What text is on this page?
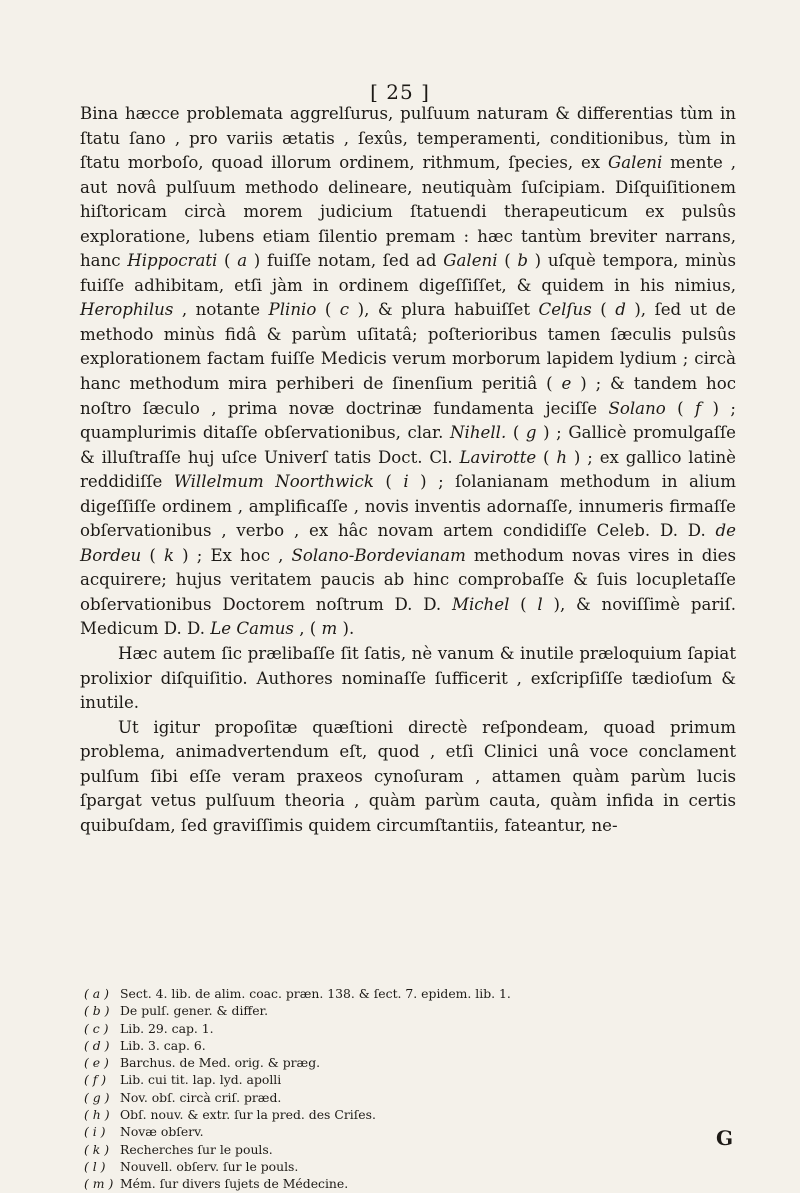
[ 25 ]

Bina hæcce problemata aggrelſurus, pulſuum naturam & differentias tùm in ſtatu ſano , pro variis ætatis , ſexûs, temperamenti, conditionibus, tùm in ſtatu morboſo, quoad illorum ordinem, rithmum, ſpecies, ex Galeni mente , aut novâ pulſuum methodo delineare, neutiquàm ſuſcipiam. Diſquiſitionem hiſtoricam circà morem judicium ſtatuendi therapeuticum ex pulsûs exploratione, lubens etiam ſilentio premam : hæc tantùm breviter narrans, hanc Hippocrati ( a ) fuiſſe notam, ſed ad Galeni ( b ) uſquè tempora, minùs fuiſſe adhibitam, etſi jàm in ordinem digeſſiſſet, & quidem in his nimius, Herophilus , notante Plinio ( c ), & plura habuiſſet Celſus ( d ), ſed ut de methodo minùs fidâ & parùm uſitatâ; poſterioribus tamen ſæculis pulsûs explorationem factam fuiſſe Medicis verum morborum lapidem lydium ; circà hanc methodum mira perhiberi de ſinenſium peritiâ ( e ) ; & tandem hoc noſtro ſæculo , prima novæ doctrinæ fundamenta jeciſſe Solano ( f ) ; quamplurimis ditaſſe obſervationibus, clar. Nihell. ( g ) ; Gallicè promulgaſſe & illuſtraſſe huj uſce Univerſ tatis Doct. Cl. Lavirotte ( h ) ; ex gallico latinè reddidiſſe Willelmum Noorthwick ( i ) ; ſolanianam methodum in alium digeſſiſſe ordinem , amplificaſſe , novis inventis adornaſſe, innumeris firmaſſe obſervationibus , verbo , ex hâc novam artem condidiſſe Celeb. D. D. de Bordeu ( k ) ; Ex hoc , Solano-Bordevianam methodum novas vires in dies acquirere; hujus veritatem paucis ab hinc comprobaſſe & ſuis locupletaſſe obſervationibus Doctorem noſtrum D. D. Michel ( l ), & noviſſimè pariſ. Medicum D. D. Le Camus , ( m ).

Hæc autem ſic prælibaſſe ſit ſatis, nè vanum & inutile præloquium ſapiat prolixior diſquiſitio. Authores nominaſſe ſufficerit , exſcripſiſſe tædioſum & inutile.

Ut igitur propoſitæ quæſtioni directè reſpondeam, quoad primum problema, animadvertendum eſt, quod , etſi Clinici unâ voce conclament pulſum ſibi eſſe veram praxeos cynoſuram , attamen quàm parùm lucis ſpargat vetus pulſuum theoria , quàm parùm cauta, quàm infida in certis quibuſdam, ſed graviſſimis quidem circumſtantiis, fateantur, ne-

( a ) Sect. 4. lib. de alim. coac. præn. 138. & ſect. 7. epidem. lib. 1.
( b ) De pulſ. gener. & differ.
( c ) Lib. 29. cap. 1.
( d ) Lib. 3. cap. 6.
( e ) Barchus. de Med. orig. & præg.
( f )	Lib. cui tit. lap. lyd. apolli
( g ) Nov. obſ. circà criſ. præd.
( h ) Obſ. nouv. & extr. ſur la pred. des Criſes.
( i )	Novæ obſerv.
( k ) Recherches ſur le pouls.
( l )	Nouvell. obſerv. ſur le pouls.
( m ) Mém. ſur divers ſujets de Médecine.
G
